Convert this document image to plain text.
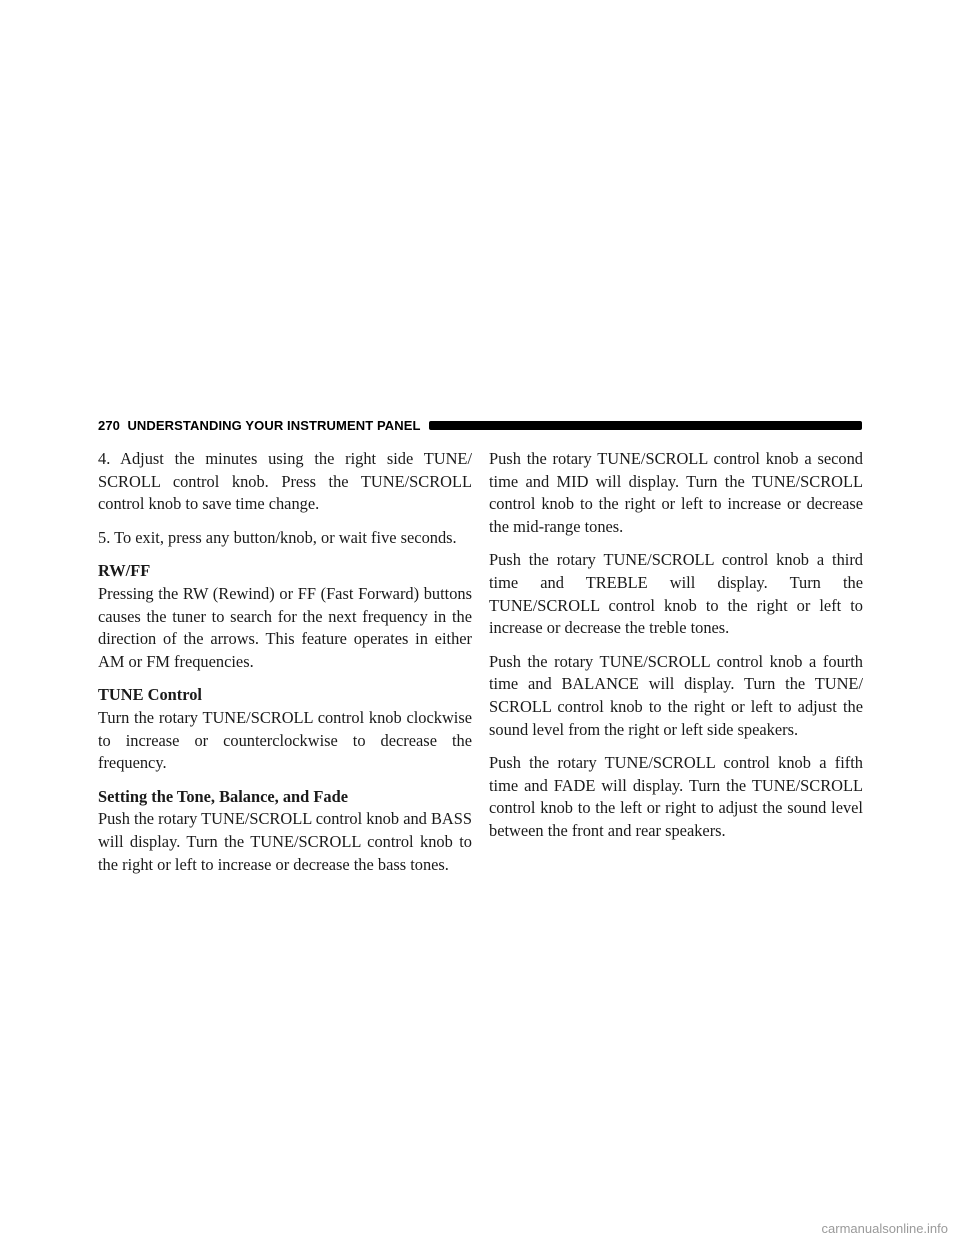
270 UNDERSTANDING YOUR INSTRUMENT PANEL

4. Adjust the minutes using the right side TUNE/ SCROLL control knob. Press the TUNE/SCROLL control knob to save time change.

5. To exit, press any button/knob, or wait five seconds.

RW/FF

Pressing the RW (Rewind) or FF (Fast Forward) buttons causes the tuner to search for the next frequency in the direction of the arrows. This feature operates in either AM or FM frequencies.

TUNE Control

Turn the rotary TUNE/SCROLL control knob clockwise to increase or counterclockwise to decrease the frequency.

Setting the Tone, Balance, and Fade

Push the rotary TUNE/SCROLL control knob and BASS will display. Turn the TUNE/SCROLL control knob to the right or left to increase or decrease the bass tones.

Push the rotary TUNE/SCROLL control knob a second time and MID will display. Turn the TUNE/SCROLL control knob to the right or left to increase or decrease the mid-range tones.

Push the rotary TUNE/SCROLL control knob a third time and TREBLE will display. Turn the TUNE/SCROLL control knob to the right or left to increase or decrease the treble tones.

Push the rotary TUNE/SCROLL control knob a fourth time and BALANCE will display. Turn the TUNE/ SCROLL control knob to the right or left to adjust the sound level from the right or left side speakers.

Push the rotary TUNE/SCROLL control knob a fifth time and FADE will display. Turn the TUNE/SCROLL control knob to the left or right to adjust the sound level between the front and rear speakers.

carmanualsonline.info
